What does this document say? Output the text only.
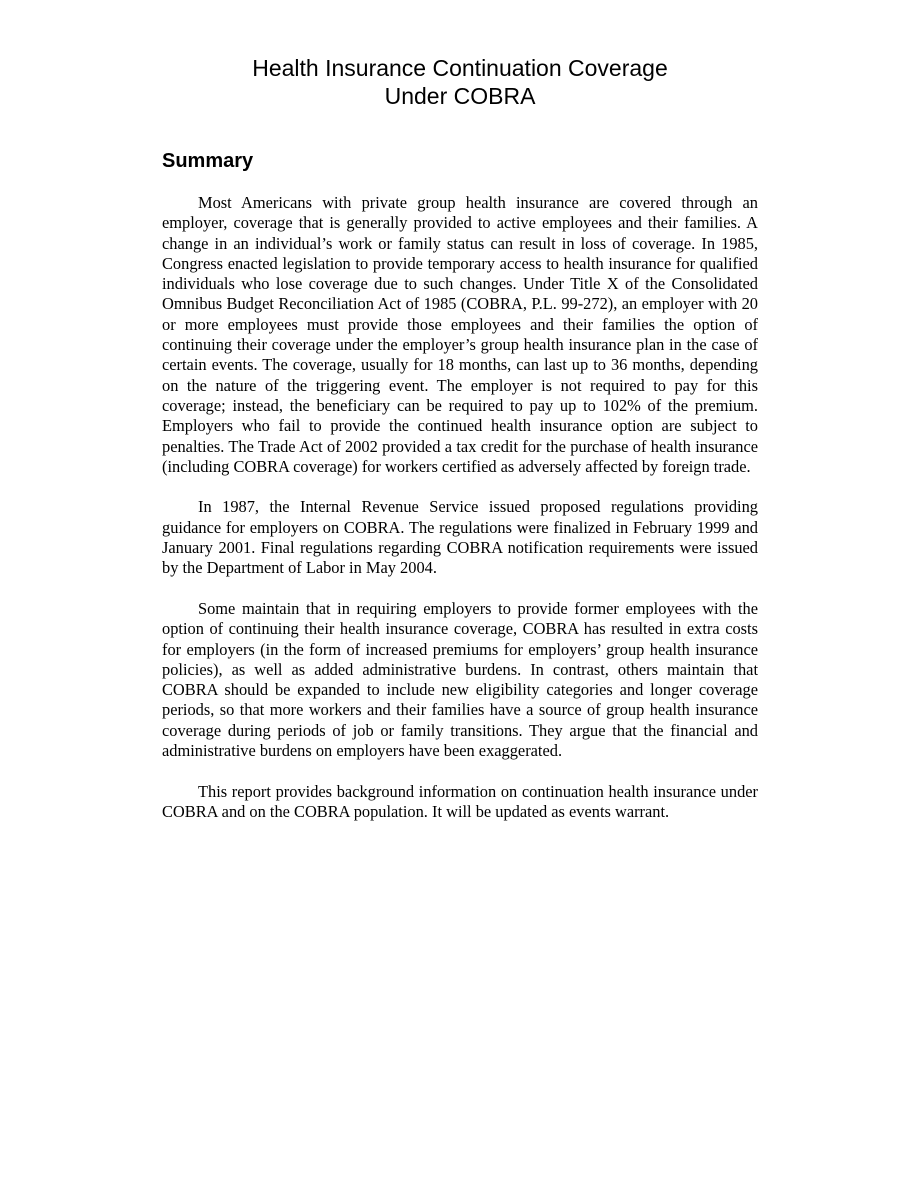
Health Insurance Continuation Coverage
Under COBRA
Summary

Most Americans with private group health insurance are covered through an employer, coverage that is generally provided to active employees and their families. A change in an individual’s work or family status can result in loss of coverage. In 1985, Congress enacted legislation to provide temporary access to health insurance for qualified individuals who lose coverage due to such changes. Under Title X of the Consolidated Omnibus Budget Reconciliation Act of 1985 (COBRA, P.L. 99-272), an employer with 20 or more employees must provide those employees and their families the option of continuing their coverage under the employer’s group health insurance plan in the case of certain events. The coverage, usually for 18 months, can last up to 36 months, depending on the nature of the triggering event. The employer is not required to pay for this coverage; instead, the beneficiary can be required to pay up to 102% of the premium. Employers who fail to provide the continued health insurance option are subject to penalties. The Trade Act of 2002 provided a tax credit for the purchase of health insurance (including COBRA coverage) for workers certified as adversely affected by foreign trade.

In 1987, the Internal Revenue Service issued proposed regulations providing guidance for employers on COBRA. The regulations were finalized in February 1999 and January 2001. Final regulations regarding COBRA notification requirements were issued by the Department of Labor in May 2004.

Some maintain that in requiring employers to provide former employees with the option of continuing their health insurance coverage, COBRA has resulted in extra costs for employers (in the form of increased premiums for employers’ group health insurance policies), as well as added administrative burdens. In contrast, others maintain that COBRA should be expanded to include new eligibility categories and longer coverage periods, so that more workers and their families have a source of group health insurance coverage during periods of job or family transitions. They argue that the financial and administrative burdens on employers have been exaggerated.

This report provides background information on continuation health insurance under COBRA and on the COBRA population. It will be updated as events warrant.
